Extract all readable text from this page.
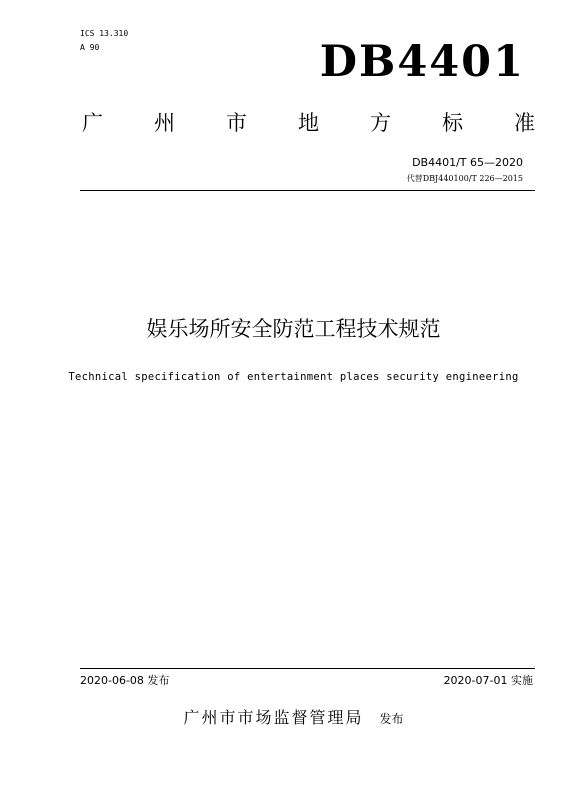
ICS 13.310
A 90	DB4401
广 州 市 地 方 标 准
DB4401/T 65—2020
代替DBJ440100/T 226—2015
娱乐场所安全防范工程技术规范
Technical specification of entertainment places security engineering
2020-06-08 发布	2020-07-01 实施
广州市市场监督管理局 发布
